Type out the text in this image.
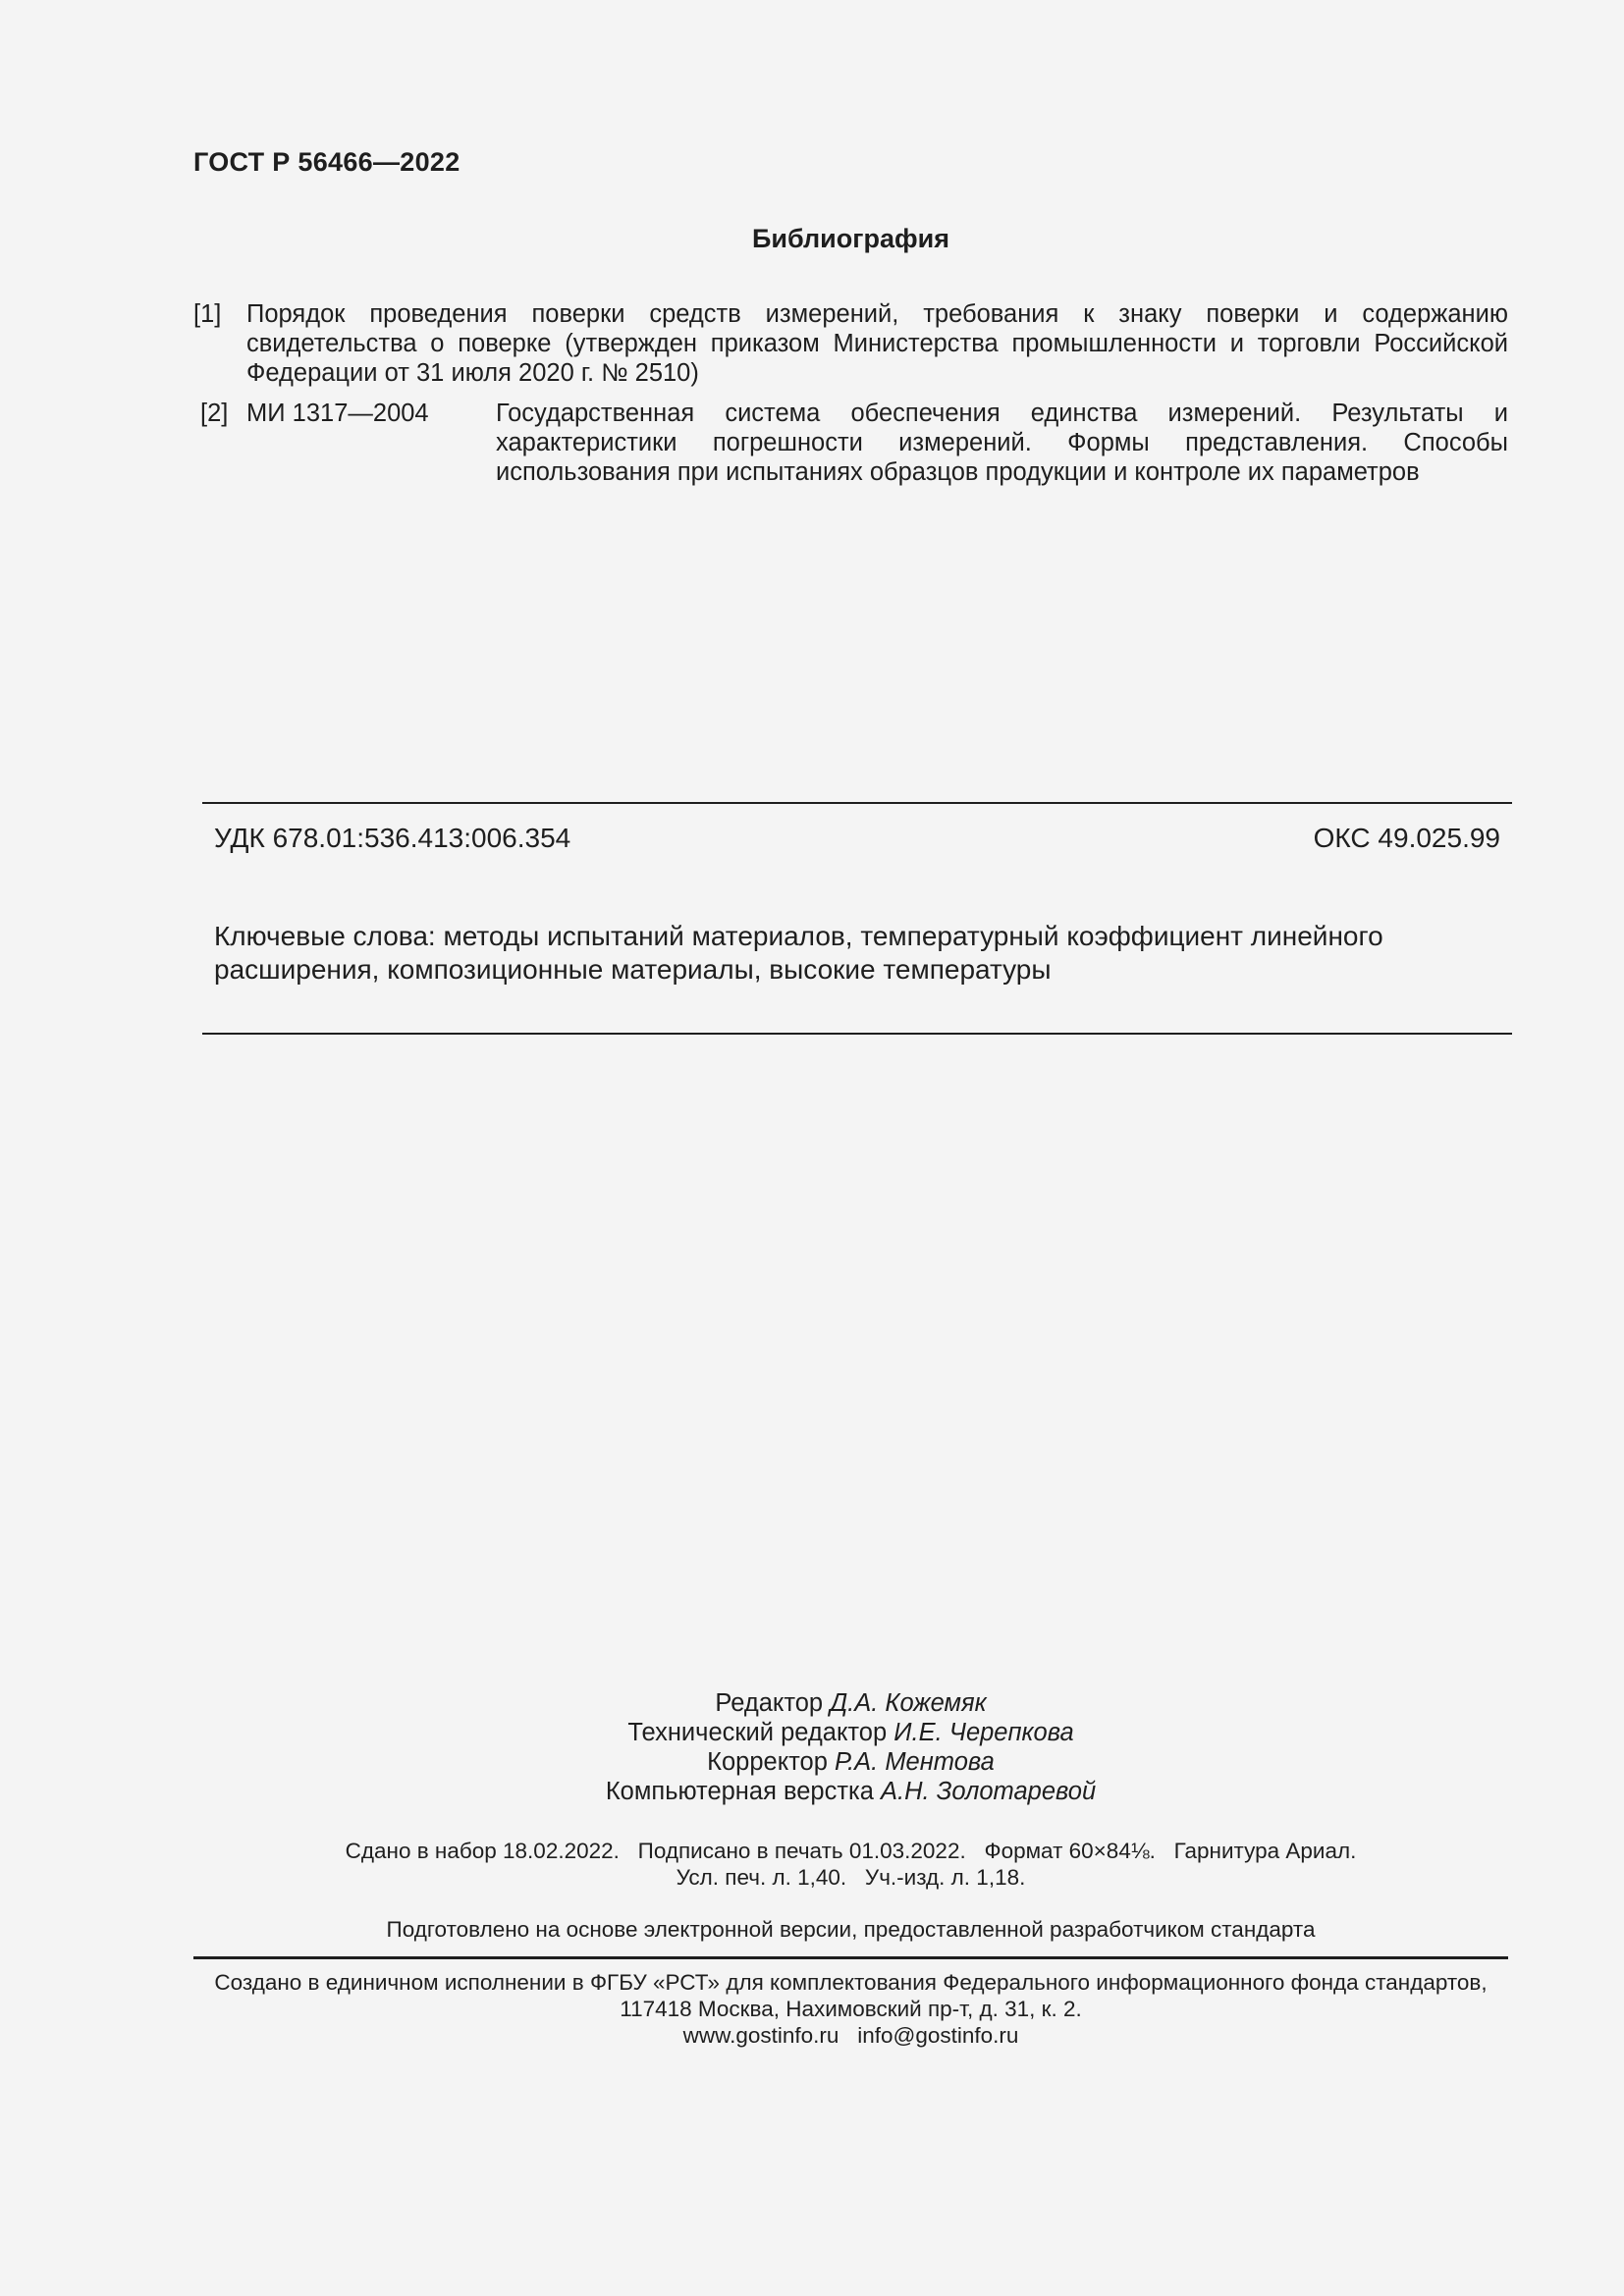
ГОСТ Р 56466—2022
Библиография
[1] Порядок проведения поверки средств измерений, требования к знаку поверки и содержанию свидетельства о поверке (утвержден приказом Министерства промышленности и торговли Российской Федерации от 31 июля 2020 г. № 2510)
[2] МИ 1317—2004	Государственная система обеспечения единства измерений. Результаты и характеристики погрешности измерений. Формы представления. Способы использования при испытаниях образцов продукции и контроле их параметров
УДК 678.01:536.413:006.354	ОКС 49.025.99
Ключевые слова: методы испытаний материалов, температурный коэффициент линейного расширения, композиционные материалы, высокие температуры
Редактор Д.А. Кожемяк
Технический редактор И.Е. Черепкова
Корректор Р.А. Ментова
Компьютерная верстка А.Н. Золотаревой
Сдано в набор 18.02.2022.   Подписано в печать 01.03.2022.   Формат 60×84⅛.   Гарнитура Ариал.
Усл. печ. л. 1,40.   Уч.-изд. л. 1,18.
Подготовлено на основе электронной версии, предоставленной разработчиком стандарта
Создано в единичном исполнении в ФГБУ «РСТ» для комплектования Федерального информационного фонда стандартов,
117418 Москва, Нахимовский пр-т, д. 31, к. 2.
www.gostinfo.ru info@gostinfo.ru
